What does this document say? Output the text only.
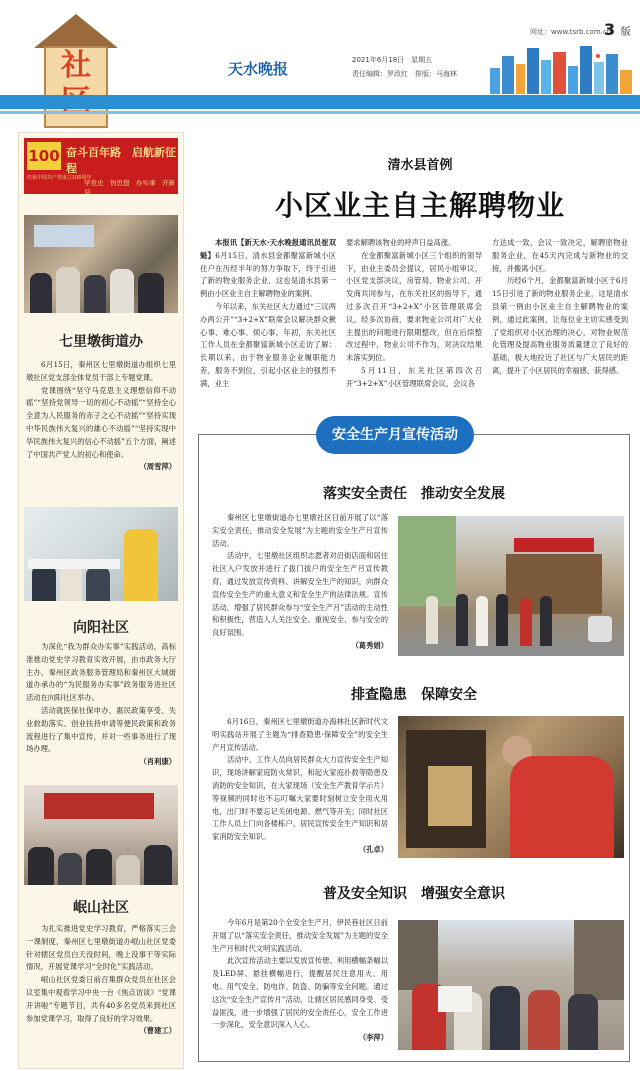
社	天水晚报	2021年6月18日　星期五
责任编辑：罗政红　排版：马海林
网址：www.tsrb.com.cn
3 版
100 奋斗百年路　启航新征程
庆祝中国共产党成立100周年
学党史　悟思想　办实事　开新局
七里墩街道办

6月15日，秦州区七里墩街道办组织七里墩社区党支部全体党员干部上专题党课。

党课围绕“坚守马克思主义理想信仰不动摇”“坚持党领导一切的初心不动摇”“坚持全心全意为人民服务的赤子之心不动摇”“坚持实现中华民族伟大复兴的雄心不动摇”“坚持实现中华民族伟大复兴的信心不动摇”五个方面，阐述了中国共产党人的初心和使命。

（周雪萍）
向阳社区

为深化“我为群众办实事”实践活动，高标准推动党史学习教育实效开展，由市政务大厅主办、秦州区政务服务管理局和秦州区大城街道办承办的“为民服务办实事”政务服务进社区活动在向阳社区举办。

活动就医保社保申办、惠民政策享受、失业救助落实、创业扶持申请等便民政策和政务流程进行了集中宣传，并对一些事务进行了现场办理。

（肖利康）
岷山社区

为扎实推进党史学习教育，严格落实三会一课制度，秦州区七里墩街道办岷山社区党委针对辖区党员白天没时间，晚上没事干等实际情况，开展党课学习“全时化”实践活动。

岷山社区党委日前召集群众党员在社区会议室集中观看学习中央一台《焦点访谈》“党课开讲啦”专题节目，共有40多名党员来到社区参加党课学习，取得了良好的学习效果。

（曹建工）
清水县首例
小区业主自主解聘物业

本报讯【新天水·天水晚报通讯员崔双魁】6月15日，清水县金都聚富新城小区住户在历经半年的努力争取下，终于引进了新的物业服务企业，这也是清水县第一例由小区业主自主解聘物业的案例。

今年以来，东关社区大力通过“三议两办两公开”“3+2+X”联席会议解决群众揪心事、难心事、烦心事。年初，东关社区工作人员在金都聚富新城小区走访了解：长期以来，由于物业服务企业履职能力差，服务不到位，引起小区业主的强烈不满，业主

要求解聘该物业的呼声日益高涨。

在金都聚富新城小区三个组织的领导下，由业主委员会提议，居民小组审议，小区党支部决议，房管局、物业公司、开发商共同参与，在东关社区的指导下，通过多次召开“3+2+X”小区管理联席会议，经多次协商，要求物业公司对广大业主提出的问题进行限期整改，但在后续整改过程中，物业公司不作为，对决议结果未落实到位。

5月11日，东关社区第四次召开“3+2+X”小区管理联席会议，会议各

方达成一致，会议一致决定，解聘原物业服务企业，在45天内完成与新物业的交接，并搬离小区。

历经6个月，金都聚富新城小区于6月15日引进了新的物业服务企业，这是清水县第一例由小区业主自主解聘物业的案例，通过此案例，让每位业主切实感受到了党组织对小区治理的决心，对物业规范化管理及提高物业服务质量建立了良好的基础，极大地拉近了社区与广大居民的距离，提升了小区居民的幸福感、获得感。

安全生产月宣传活动
落实安全责任　推动安全发展

秦州区七里墩街道办七里墩社区日前开展了以“落实安全责任，推动安全发展”为主题的安全生产月宣传活动。

活动中，七里墩社区组织志愿者对沿街店面和居住社区入户发放并进行了拔门拔户的安全生产月宣传教育，通过发放宣传资料、讲解安全生产的知识，向群众宣传安全生产的重大意义和安全生产的法律法规。宣传活动，增强了居民群众参与“安全生产月”活动的主动性和积极性，营造人人关注安全、重视安全、参与安全的良好氛围。

（葛秀娟）
排查隐患　保障安全

6月16日，秦州区七里墩街道办海林社区新时代文明实践站开展了主题为“排查隐患·保障安全”的安全生产月宣传活动。

活动中，工作人员向居民群众大力宣传安全生产知识，现场讲解家庭防火常识，和起火家庭扑救等隐患及消防的安全知识，在大家现场（安全生产教育学示片）等视频的同时也不忘叮嘱大家要时刻树立安全用火用电，出门时不要忘记关闭电源、燃气等开关；同时社区工作人员上门向各楼栋户、居民宣传安全生产知识和居家消防安全知识。

（孔卓）
普及安全知识　增强安全意识

今年6月是第20个全安全生产月，伊民巷社区日前开展了以“落实安全责任，推动安全发展”为主题的安全生产月和时代文明实践活动。

此次宣传活动主要以发放宣传册、利用横幅条幅以及LED屏、悬挂横幅进行，提醒居民注意用火、用电、用气安全、防电诈、防盗、防骗等安全问题。通过这次“安全生产宣传月”活动，让辖区居民感同身受、受益匪浅，进一步增强了居民的安全责任心，安全工作进一步深化，安全意识深入人心。

（李萍）
